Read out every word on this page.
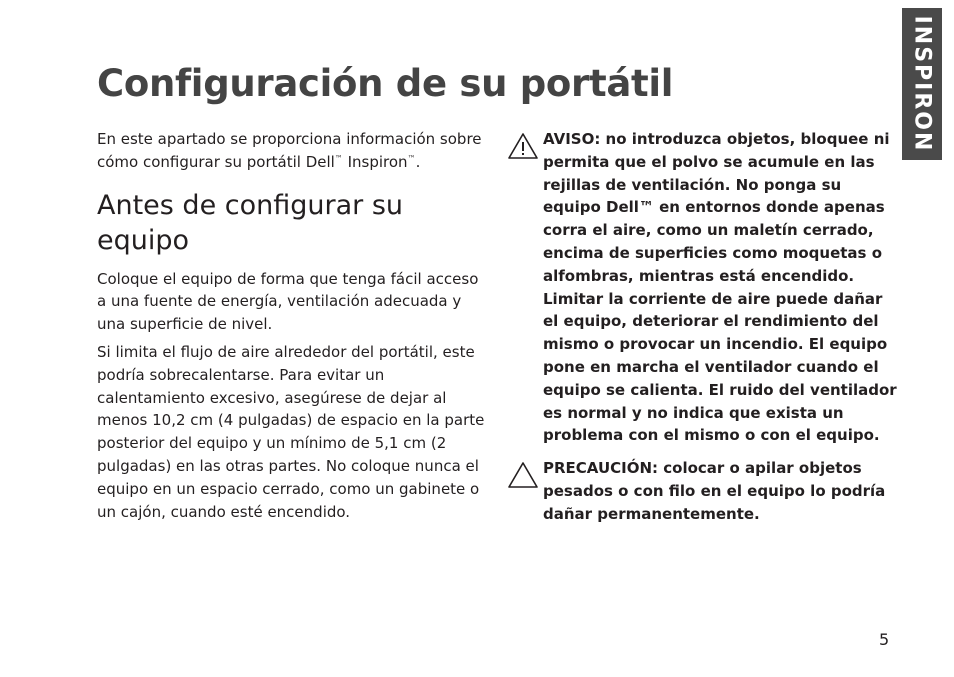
INSPIRON
Configuración de su portátil

En este apartado se proporciona información sobre cómo configurar su portátil Dell™ Inspiron™.

Antes de configurar su equipo

Coloque el equipo de forma que tenga fácil acceso a una fuente de energía, ventilación adecuada y una superficie de nivel.

Si limita el flujo de aire alrededor del portátil, este podría sobrecalentarse. Para evitar un calentamiento excesivo, asegúrese de dejar al menos 10,2 cm (4 pulgadas) de espacio en la parte posterior del equipo y un mínimo de 5,1 cm (2 pulgadas) en las otras partes. No coloque nunca el equipo en un espacio cerrado, como un gabinete o un cajón, cuando esté encendido.

AVISO: no introduzca objetos, bloquee ni permita que el polvo se acumule en las rejillas de ventilación. No ponga su equipo Dell™ en entornos donde apenas corra el aire, como un maletín cerrado, encima de superficies como moquetas o alfombras, mientras está encendido. Limitar la corriente de aire puede dañar el equipo, deteriorar el rendimiento del mismo o provocar un incendio. El equipo pone en marcha el ventilador cuando el equipo se calienta. El ruido del ventilador es normal y no indica que exista un problema con el mismo o con el equipo.

PRECAUCIÓN: colocar o apilar objetos pesados o con filo en el equipo lo podría dañar permanentemente.

5
